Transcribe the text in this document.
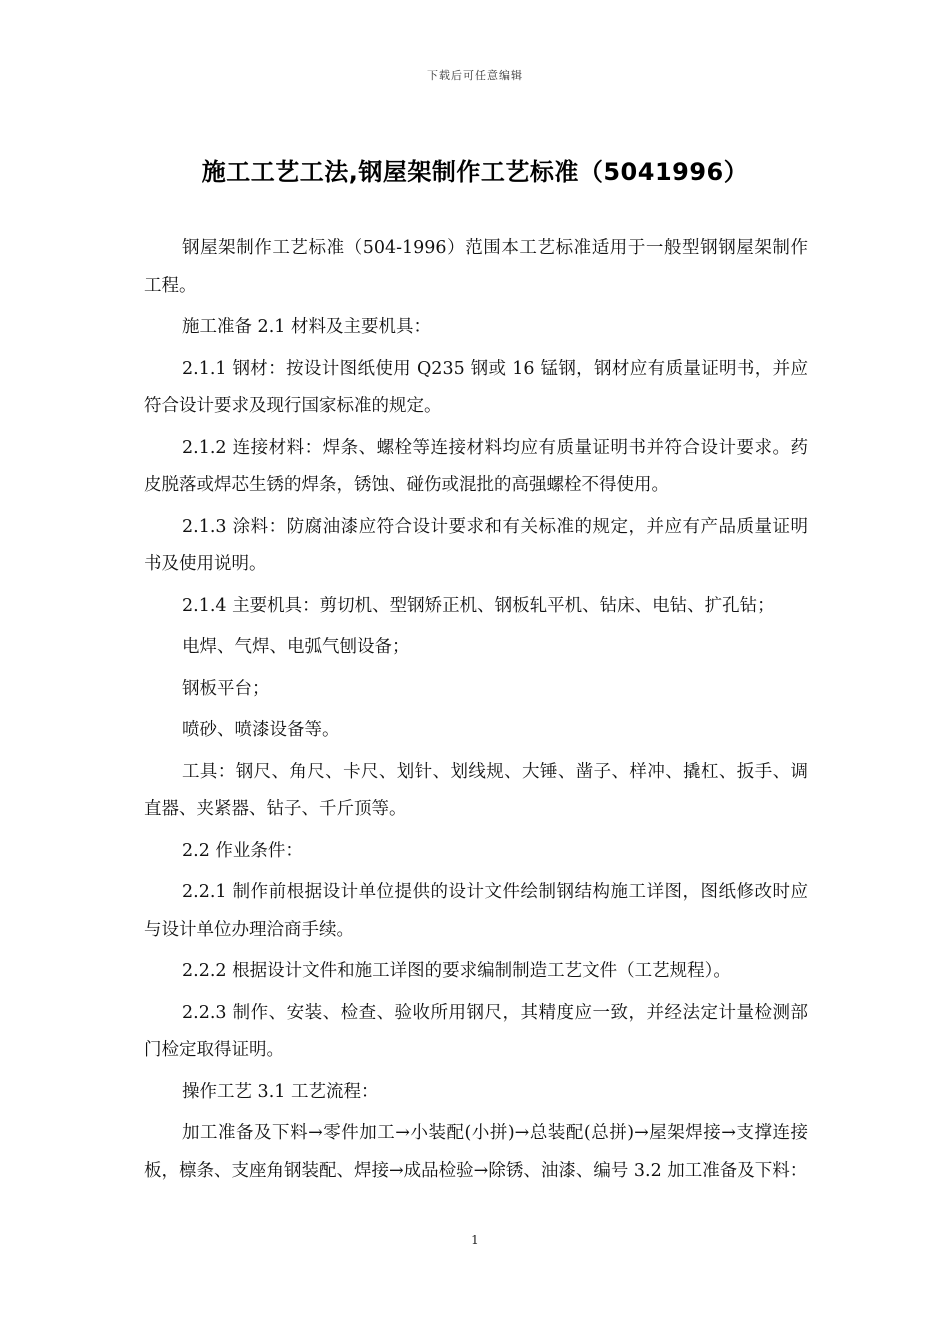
下载后可任意编辑
施工工艺工法,钢屋架制作工艺标准（5041996）

钢屋架制作工艺标准（504-1996）范围本工艺标准适用于一般型钢钢屋架制作工程。

施工准备 2.1 材料及主要机具：

2.1.1 钢材：按设计图纸使用 Q235 钢或 16 锰钢，钢材应有质量证明书，并应符合设计要求及现行国家标准的规定。

2.1.2 连接材料：焊条、螺栓等连接材料均应有质量证明书并符合设计要求。药皮脱落或焊芯生锈的焊条，锈蚀、碰伤或混批的高强螺栓不得使用。

2.1.3 涂料：防腐油漆应符合设计要求和有关标准的规定，并应有产品质量证明书及使用说明。

2.1.4 主要机具：剪切机、型钢矫正机、钢板轧平机、钻床、电钻、扩孔钻；

电焊、气焊、电弧气刨设备；

钢板平台；

喷砂、喷漆设备等。

工具：钢尺、角尺、卡尺、划针、划线规、大锤、凿子、样冲、撬杠、扳手、调直器、夹紧器、钻子、千斤顶等。

2.2 作业条件：

2.2.1 制作前根据设计单位提供的设计文件绘制钢结构施工详图，图纸修改时应与设计单位办理洽商手续。

2.2.2 根据设计文件和施工详图的要求编制制造工艺文件（工艺规程）。

2.2.3 制作、安装、检查、验收所用钢尺，其精度应一致，并经法定计量检测部门检定取得证明。

操作工艺 3.1 工艺流程：

加工准备及下料→零件加工→小装配(小拼)→总装配(总拼)→屋架焊接→支撑连接板，檩条、支座角钢装配、焊接→成品检验→除锈、油漆、编号 3.2 加工准备及下料：

1
